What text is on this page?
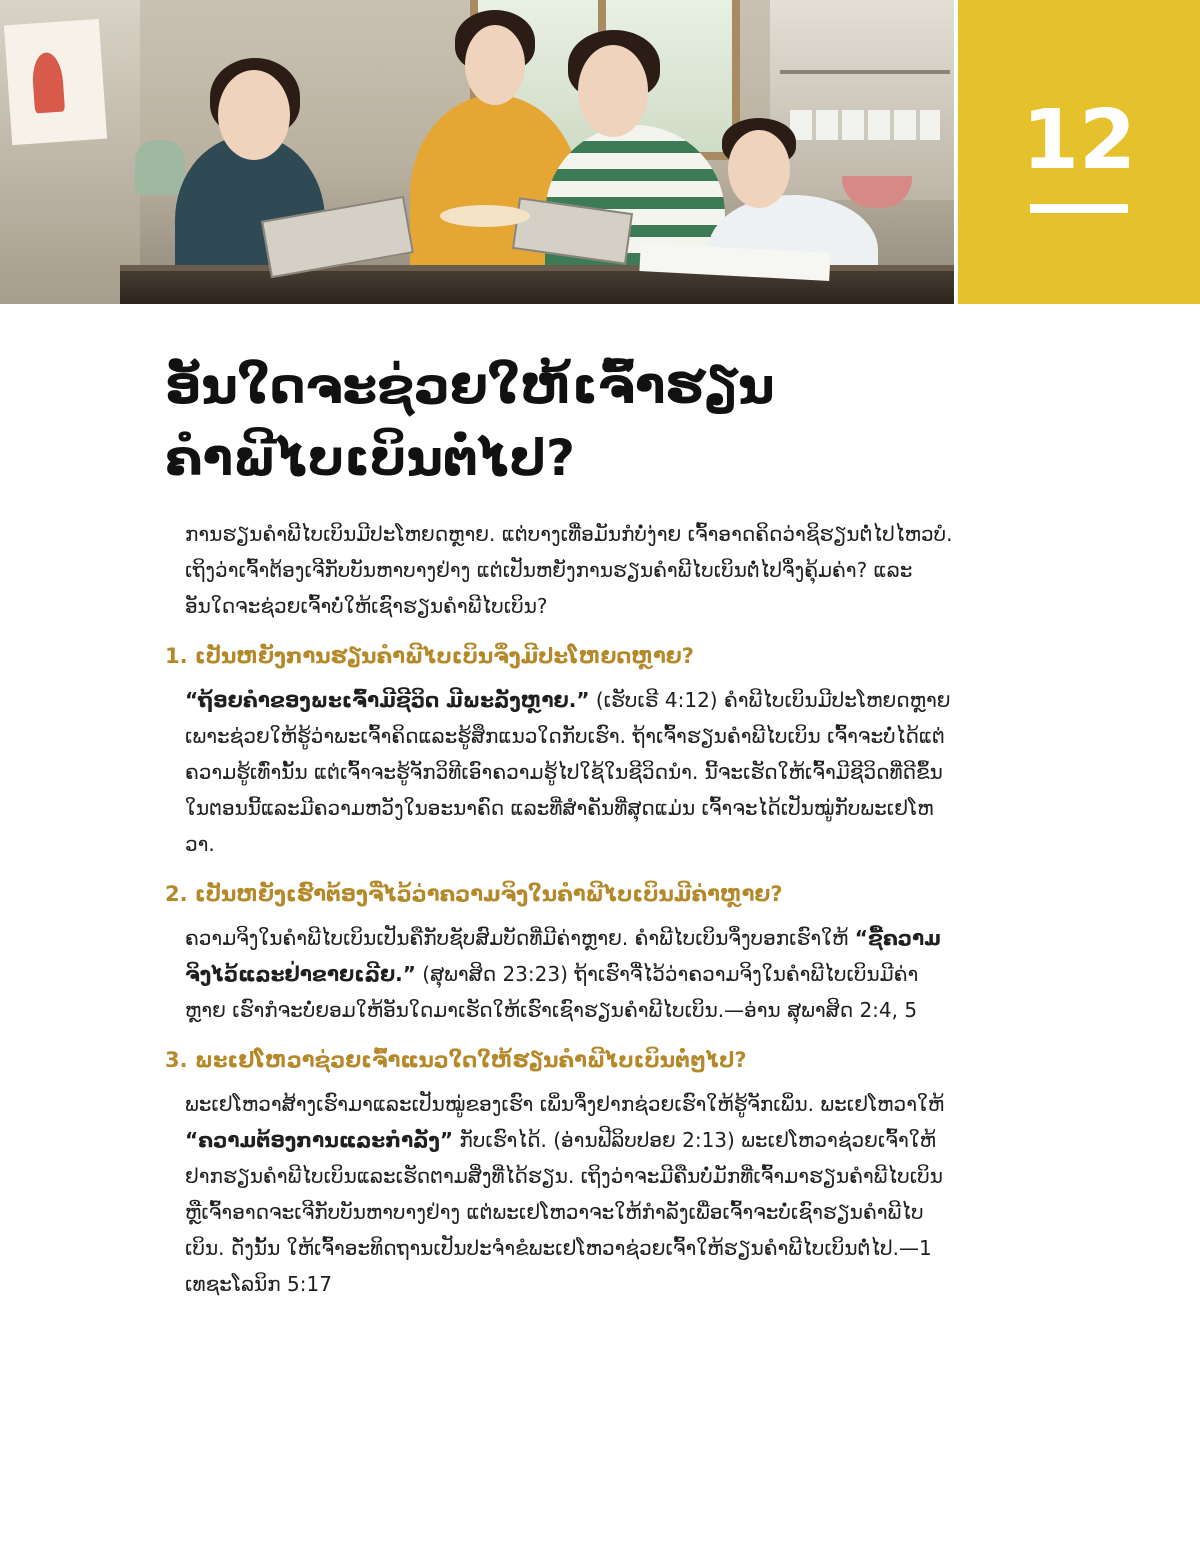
12
ອັນໃດຈະຊ່ວຍໃຫ້ເຈົ້າຮຽນ
ຄຳພີໄບເບິນຕໍ່ໄປ?

ການຮຽນຄຳພີໄບເບິນມີປະໂຫຍດຫຼາຍ. ແຕ່ບາງເທື່ອມັນກໍບໍ່ງ່າຍ ເຈົ້າອາດຄິດວ່າຊິຮຽນຕໍ່ໄປໄຫວບໍ. ເຖິງວ່າເຈົ້າຕ້ອງເຈີກັບບັນຫາບາງຢ່າງ ແຕ່ເປັນຫຍັງການຮຽນຄຳພີໄບເບິນຕໍ່ໄປຈຶ່ງຄຸ້ມຄ່າ? ແລະອັນໃດຈະຊ່ວຍເຈົ້າບໍ່ໃຫ້ເຊົາຮຽນຄຳພີໄບເບິນ?

1. ເປັນຫຍັງການຮຽນຄຳພີໄບເບິນຈຶ່ງມີປະໂຫຍດຫຼາຍ?

“ຖ້ອຍຄຳຂອງພະເຈົ້າມີຊີວິດ ມີພະລັງຫຼາຍ.” (ເຮັບເຣີ 4:12) ຄຳພີໄບເບິນມີປະໂຫຍດຫຼາຍເພາະຊ່ວຍໃຫ້ຮູ້ວ່າພະເຈົ້າຄິດແລະຮູ້ສຶກແນວໃດກັບເຮົາ. ຖ້າເຈົ້າຮຽນຄຳພີໄບເບິນ ເຈົ້າຈະບໍ່ໄດ້ແຕ່ຄວາມຮູ້ເທົ່ານັ້ນ ແຕ່ເຈົ້າຈະຮູ້ຈັກວິທີເອົາຄວາມຮູ້ໄປໃຊ້ໃນຊີວິດນຳ. ນີ້ຈະເຮັດໃຫ້ເຈົ້າມີຊີວິດທີ່ດີຂຶ້ນໃນຕອນນີ້ແລະມີຄວາມຫວັງໃນອະນາຄົດ ແລະທີ່ສຳຄັນທີ່ສຸດແມ່ນ ເຈົ້າຈະໄດ້ເປັນໝູ່ກັບພະເຢໂຫວາ.

2. ເປັນຫຍັງເຮົາຕ້ອງຈື່ໄວ້ວ່າຄວາມຈິງໃນຄຳພີໄບເບິນມີຄ່າຫຼາຍ?

ຄວາມຈິງໃນຄຳພີໄບເບິນເປັນຄືກັບຊັບສົມບັດທີ່ມີຄ່າຫຼາຍ. ຄຳພີໄບເບິນຈຶ່ງບອກເຮົາໃຫ້ “ຊື້ຄວາມຈິງໄວ້ແລະຢ່າຂາຍເລີຍ.” (ສຸພາສິດ 23:23) ຖ້າເຮົາຈື່ໄວ້ວ່າຄວາມຈິງໃນຄຳພີໄບເບິນມີຄ່າຫຼາຍ ເຮົາກໍຈະບໍ່ຍອມໃຫ້ອັນໃດມາເຮັດໃຫ້ເຮົາເຊົາຮຽນຄຳພີໄບເບິນ.—ອ່ານ ສຸພາສິດ 2:4, 5

3. ພະເຢໂຫວາຊ່ວຍເຈົ້າແນວໃດໃຫ້ຮຽນຄຳພີໄບເບິນຕໍ່ໆໄປ?

ພະເຢໂຫວາສ້າງເຮົາມາແລະເປັນໝູ່ຂອງເຮົາ ເພິ່ນຈຶ່ງຢາກຊ່ວຍເຮົາໃຫ້ຮູ້ຈັກເພິ່ນ. ພະເຢໂຫວາໃຫ້ “ຄວາມຕ້ອງການແລະກຳລັງ” ກັບເຮົາໄດ້. (ອ່ານຟີລິບປອຍ 2:13) ພະເຢໂຫວາຊ່ວຍເຈົ້າໃຫ້ຢາກຮຽນຄຳພີໄບເບິນແລະເຮັດຕາມສິ່ງທີ່ໄດ້ຮຽນ. ເຖິງວ່າຈະມີຄືນບໍ່ມັກທີ່ເຈົ້າມາຮຽນຄຳພີໄບເບິນ ຫຼືເຈົ້າອາດຈະເຈີກັບບັນຫາບາງຢ່າງ ແຕ່ພະເຢໂຫວາຈະໃຫ້ກຳລັງເພື່ອເຈົ້າຈະບໍ່ເຊົາຮຽນຄຳພີໄບເບິນ. ດັ່ງນັ້ນ ໃຫ້ເຈົ້າອະທິດຖານເປັນປະຈຳຂໍພະເຢໂຫວາຊ່ວຍເຈົ້າໃຫ້ຮຽນຄຳພີໄບເບິນຕໍ່ໄປ.—1 ເທຊະໂລນິກ 5:17
